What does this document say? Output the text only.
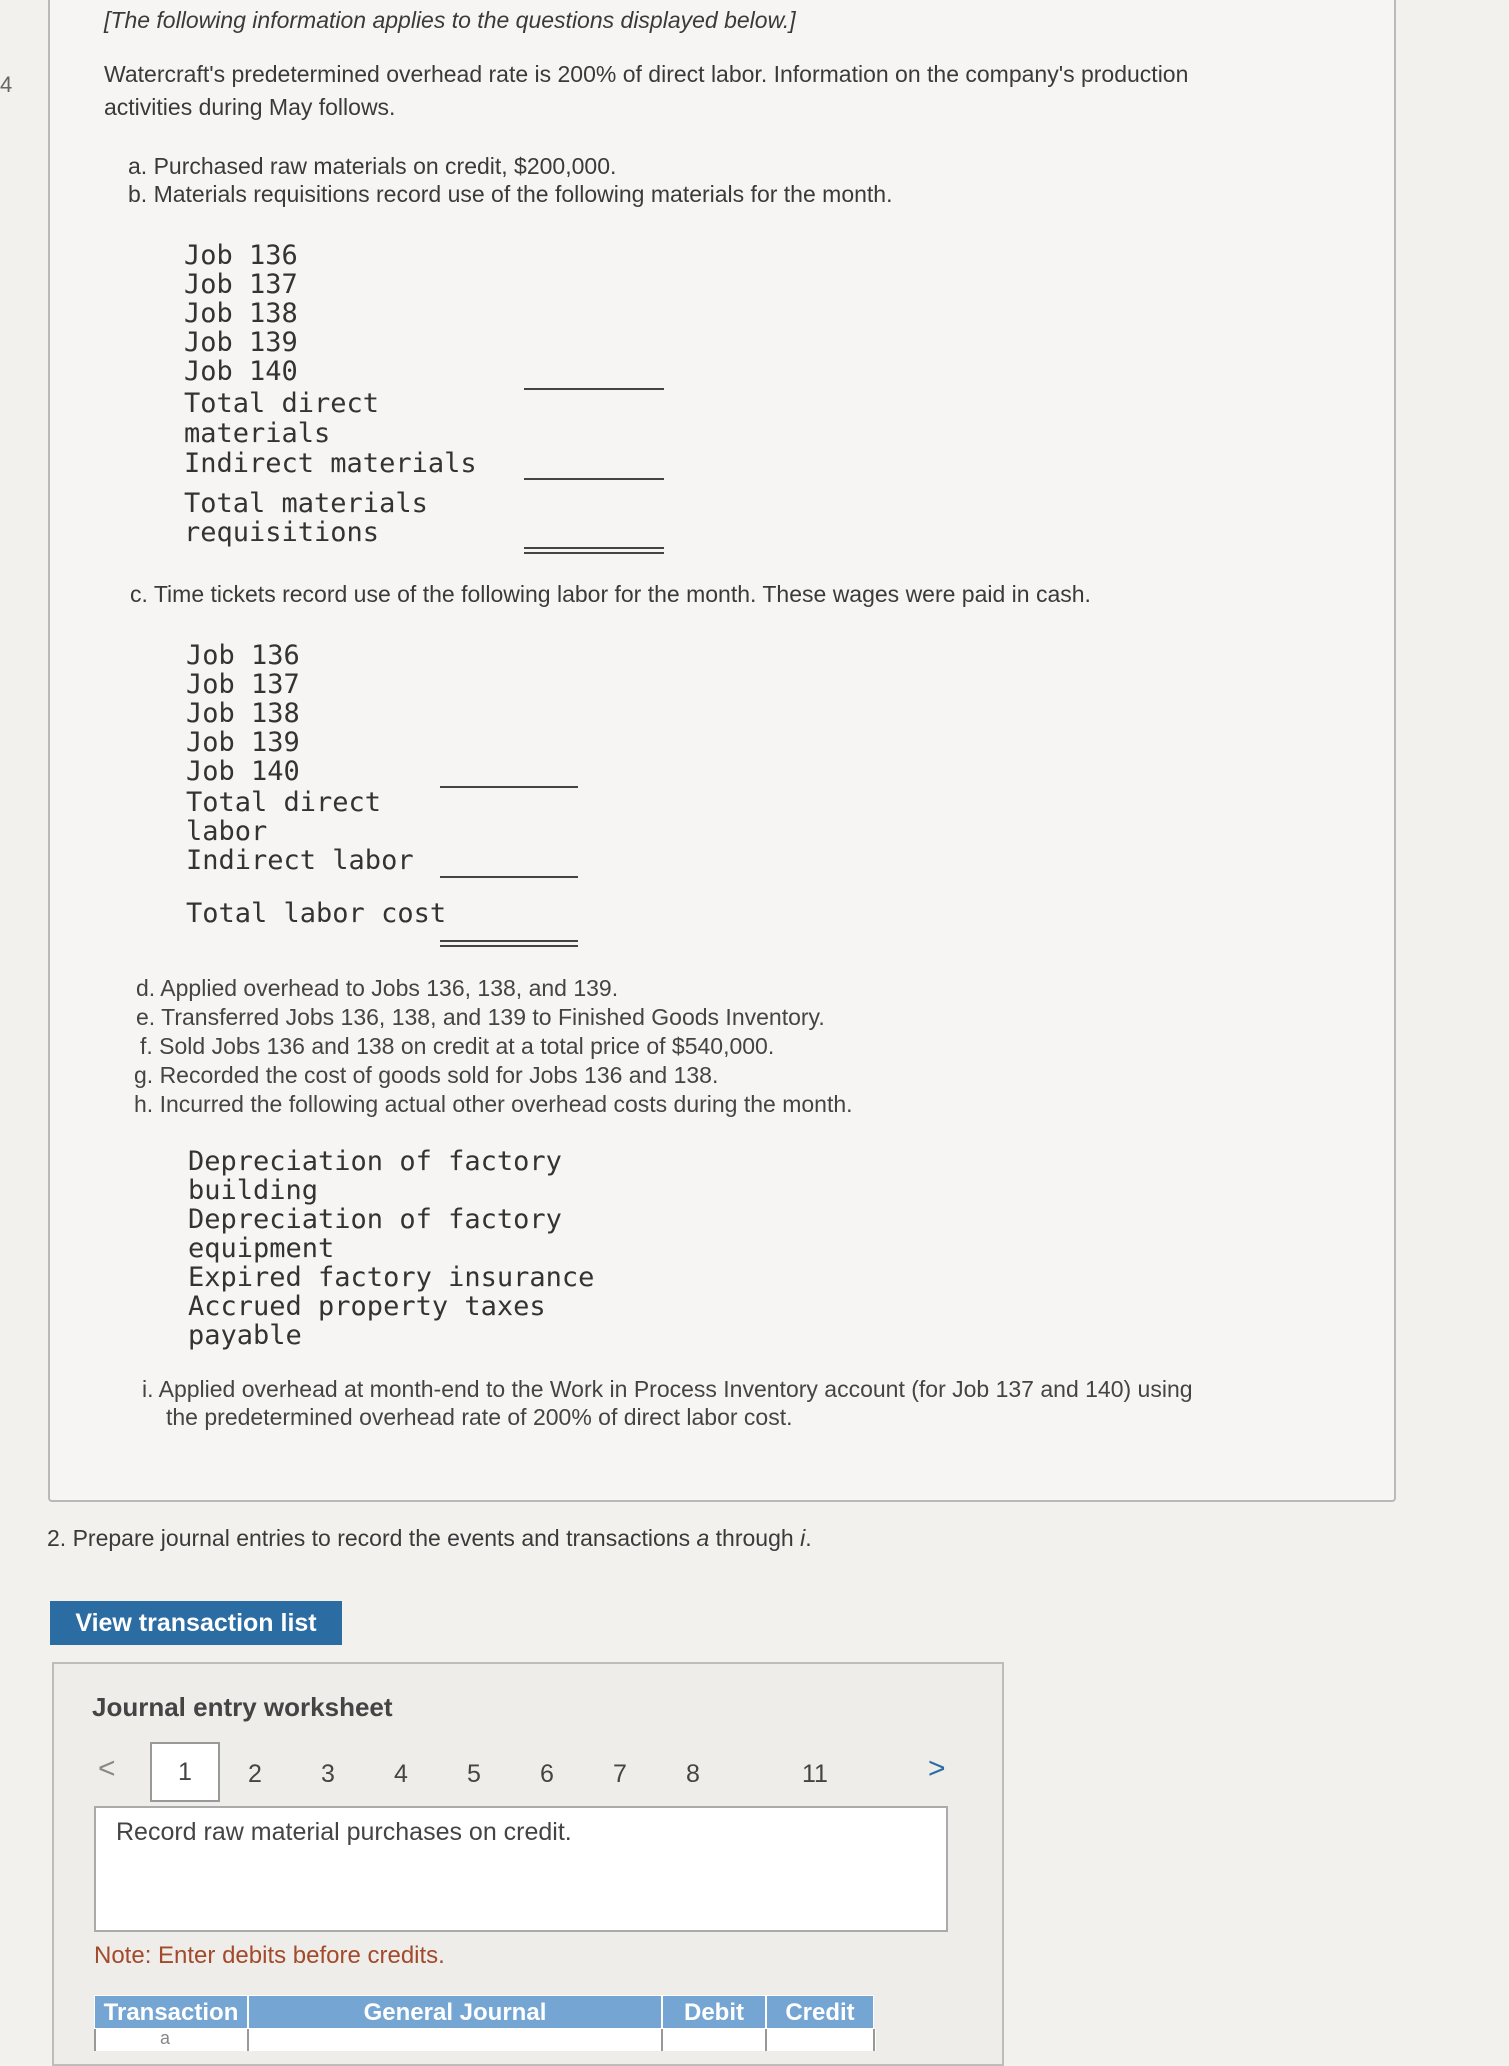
4
[The following information applies to the questions displayed below.]
Watercraft's predetermined overhead rate is 200% of direct labor. Information on the company's production
activities during May follows.
a. Purchased raw materials on credit, $200,000.
b. Materials requisitions record use of the following materials for the month.
Job 136
Job 137
Job 138
Job 139
Job 140
Total direct
materials
Indirect materials
Total materials
requisitions
c. Time tickets record use of the following labor for the month. These wages were paid in cash.
Job 136
Job 137
Job 138
Job 139
Job 140
Total direct
labor
Indirect labor
Total labor cost
d. Applied overhead to Jobs 136, 138, and 139.
e. Transferred Jobs 136, 138, and 139 to Finished Goods Inventory.
f. Sold Jobs 136 and 138 on credit at a total price of $540,000.
g. Recorded the cost of goods sold for Jobs 136 and 138.
h. Incurred the following actual other overhead costs during the month.
Depreciation of factory
building
Depreciation of factory
equipment
Expired factory insurance
Accrued property taxes
payable
i. Applied overhead at month-end to the Work in Process Inventory account (for Job 137 and 140) using
the predetermined overhead rate of 200% of direct labor cost.
2. Prepare journal entries to record the events and transactions a through i.
View transaction list
Journal entry worksheet
<	1	2 3 4 5 6 7 8	11	>
Record raw material purchases on credit.
Note: Enter debits before credits.
Transaction	General Journal	Debit	Credit
a
